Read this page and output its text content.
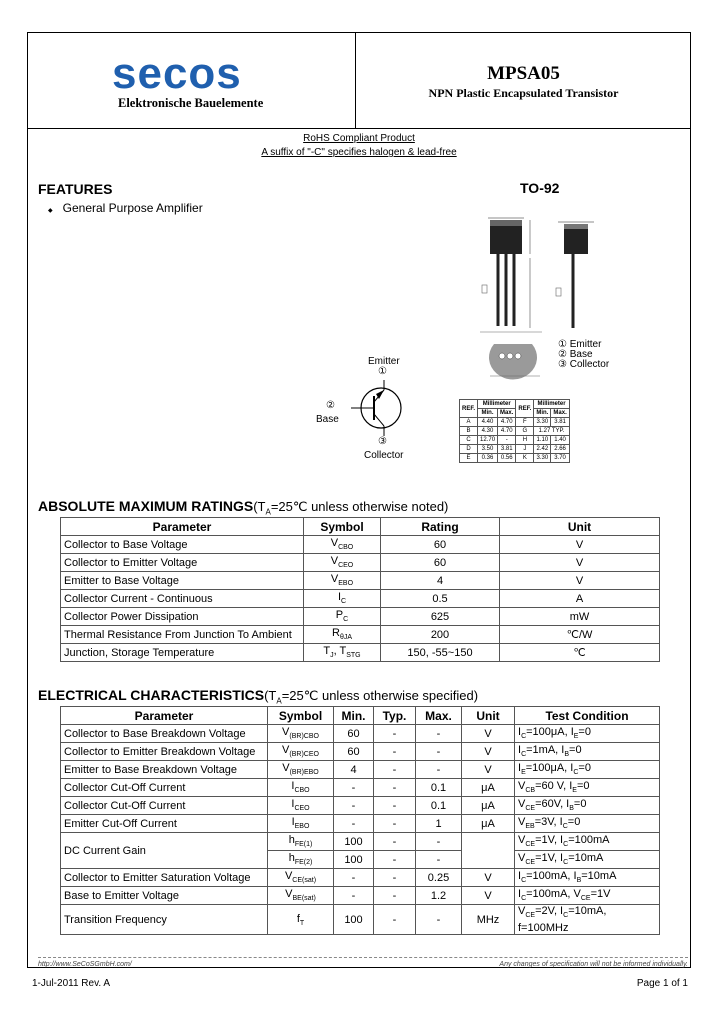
secos
Elektronische Bauelemente
MPSA05
NPN Plastic Encapsulated Transistor
RoHS Compliant Product
A suffix of "-C" specifies halogen & lead-free
FEATURES
◆   General Purpose Amplifier
TO-92
① Emitter
② Base
③ Collector
Emitter
①
②
Base
③
Collector
REF.	Millimeter		REF.	Millimeter	
	Min.	Max.		Min.	Max.
A	4.40	4.70	F	3.30	3.81
B	4.30	4.70	G	1.27 TYP.	
C	12.70	-	H	1.10	1.40
D	3.50	3.81	J	2.42	2.66
E	0.36	0.56	K	3.30	3.70
ABSOLUTE MAXIMUM $RATINGS(T_A=25℃$ unless otherwise noted)
Parameter	Symbol	Rating	Unit
Collector to Base Voltage	$V_{CBO}$	60	V
Collector to Emitter Voltage	$V_{CEO}$	60	V
Emitter to Base Voltage	$V_{EBO}$	4	V
Collector Current - Continuous	$I_C$	0.5	A
Collector Power Dissipation	$P_C$	625	mW
Thermal Resistance From Junction To Ambient	$R_{\theta JA}$	200	℃/W
Junction, Storage Temperature	$T_J$, $T_{STG}$	150, -55~150	℃
ELECTRICAL $CHARACTERISTICS(T_A=25℃$ unless otherwise specified)
Parameter	Symbol	Min.	Typ.	Max.	Unit	Test Condition
Collector to Base Breakdown Voltage	$V_{(BR)CBO}$	60	-	-	V	$I_C=100\mu A$, $I_E=0$
Collector to Emitter Breakdown Voltage	$V_{(BR)CEO}$	60	-	-	V	$I_C=1mA$, $I_B=0$
Emitter to Base Breakdown Voltage	$V_{(BR)EBO}$	4	-	-	V	$I_E=100\mu A$, $I_C=0$
Collector Cut-Off Current	$I_{CBO}$	-	-	0.1	μA	$V_{CB}=60$ V, $I_E=0$
Collector Cut-Off Current	$I_{CEO}$	-	-	0.1	μA	$V_{CE}=60V$, $I_B=0$
Emitter Cut-Off Current	$I_{EBO}$	-	-	1	μA	$V_{EB}=3V$, $I_C=0$
DC Current Gain	$h_{FE(1)}$	100	-	-		$V_{CE}=1V$, $I_C=100mA$
	$h_{FE(2)}$	100	-	-		$V_{CE}=1V$, $I_C=10mA$
Collector to Emitter Saturation Voltage	$V_{CE(sat)}$	-	-	0.25	V	$I_C=100mA$, $I_B=10mA$
Base to Emitter Voltage	$V_{BE(sat)}$	-	-	1.2	V	$I_C=100mA$, $V_{CE}=1V$
Transition Frequency	$f_T$	100	-	-	MHz	$V_{CE}=2V$, $I_C=10mA$,
f=100MHz
http://www.SeCoSGmbH.com/	Any changes of specification will not be informed individually.
1-Jul-2011 Rev. A	Page 1 of 1
